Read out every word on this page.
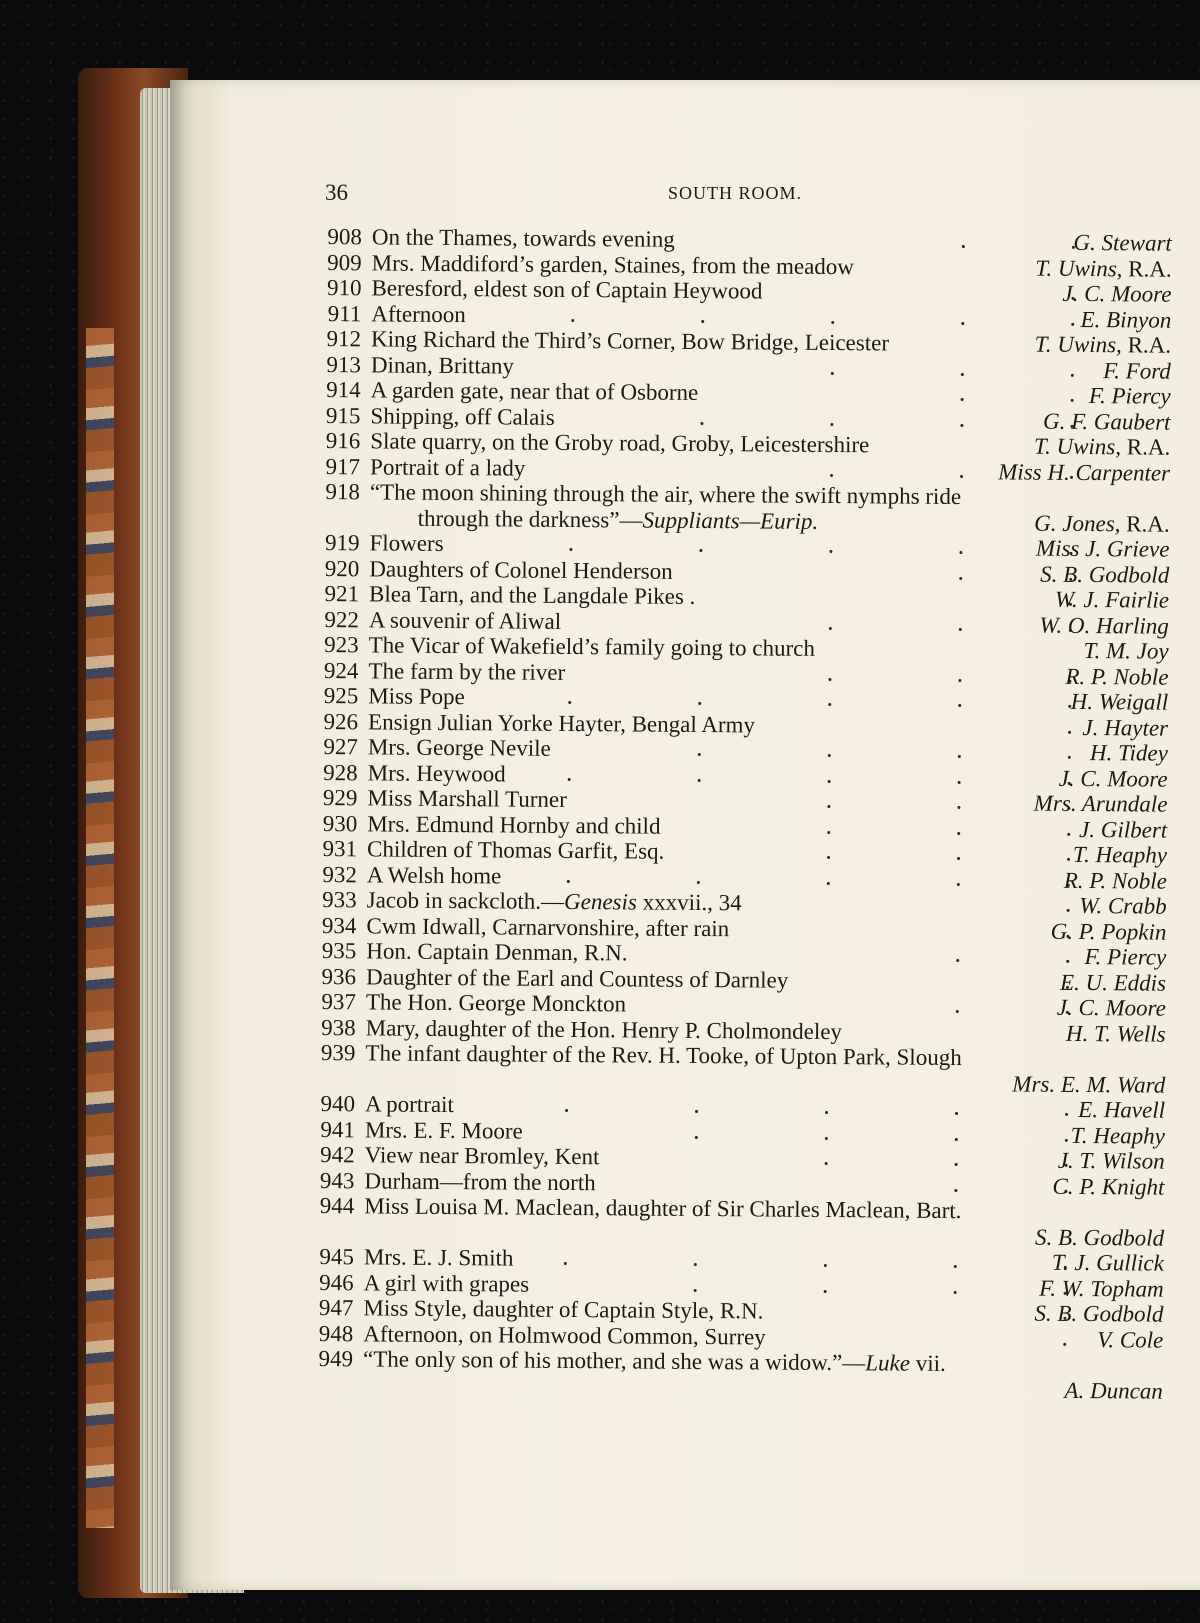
36	SOUTH ROOM.
908 On the Thames, towards evening	G. Stewart
909 Mrs. Maddiford’s garden, Staines, from the meadow	T. Uwins, R.A.
910 Beresford, eldest son of Captain Heywood	J. C. Moore
911 Afternoon	E. Binyon
912 King Richard the Third’s Corner, Bow Bridge, Leicester	T. Uwins, R.A.
913 Dinan, Brittany	F. Ford
914 A garden gate, near that of Osborne	F. Piercy
915 Shipping, off Calais	G. F. Gaubert
916 Slate quarry, on the Groby road, Groby, Leicestershire	T. Uwins, R.A.
917 Portrait of a lady	Miss H. Carpenter
918 “The moon shining through the air, where the swift nymphs ride
through the darkness”—Suppliants—Eurip.	G. Jones, R.A.
919 Flowers	Miss J. Grieve
920 Daughters of Colonel Henderson	S. B. Godbold
921 Blea Tarn, and the Langdale Pikes .	W. J. Fairlie
922 A souvenir of Aliwal	W. O. Harling
923 The Vicar of Wakefield’s family going to church	T. M. Joy
924 The farm by the river	R. P. Noble
925 Miss Pope	H. Weigall
926 Ensign Julian Yorke Hayter, Bengal Army	J. Hayter
927 Mrs. George Nevile	H. Tidey
928 Mrs. Heywood	J. C. Moore
929 Miss Marshall Turner	Mrs. Arundale
930 Mrs. Edmund Hornby and child	J. Gilbert
931 Children of Thomas Garfit, Esq.	T. Heaphy
932 A Welsh home	R. P. Noble
933 Jacob in sackcloth.—Genesis xxxvii., 34	W. Crabb
934 Cwm Idwall, Carnarvonshire, after rain	G. P. Popkin
935 Hon. Captain Denman, R.N.	F. Piercy
936 Daughter of the Earl and Countess of Darnley	E. U. Eddis
937 The Hon. George Monckton	J. C. Moore
938 Mary, daughter of the Hon. Henry P. Cholmondeley	H. T. Wells
939 The infant daughter of the Rev. H. Tooke, of Upton Park, Slough
Mrs. E. M. Ward
940 A portrait	E. Havell
941 Mrs. E. F. Moore	T. Heaphy
942 View near Bromley, Kent	J. T. Wilson
943 Durham—from the north	C. P. Knight
944 Miss Louisa M. Maclean, daughter of Sir Charles Maclean, Bart.
S. B. Godbold
945 Mrs. E. J. Smith	T. J. Gullick
946 A girl with grapes	F. W. Topham
947 Miss Style, daughter of Captain Style, R.N.	S. B. Godbold
948 Afternoon, on Holmwood Common, Surrey	V. Cole
949 “The only son of his mother, and she was a widow.”—Luke vii.
A. Duncan
